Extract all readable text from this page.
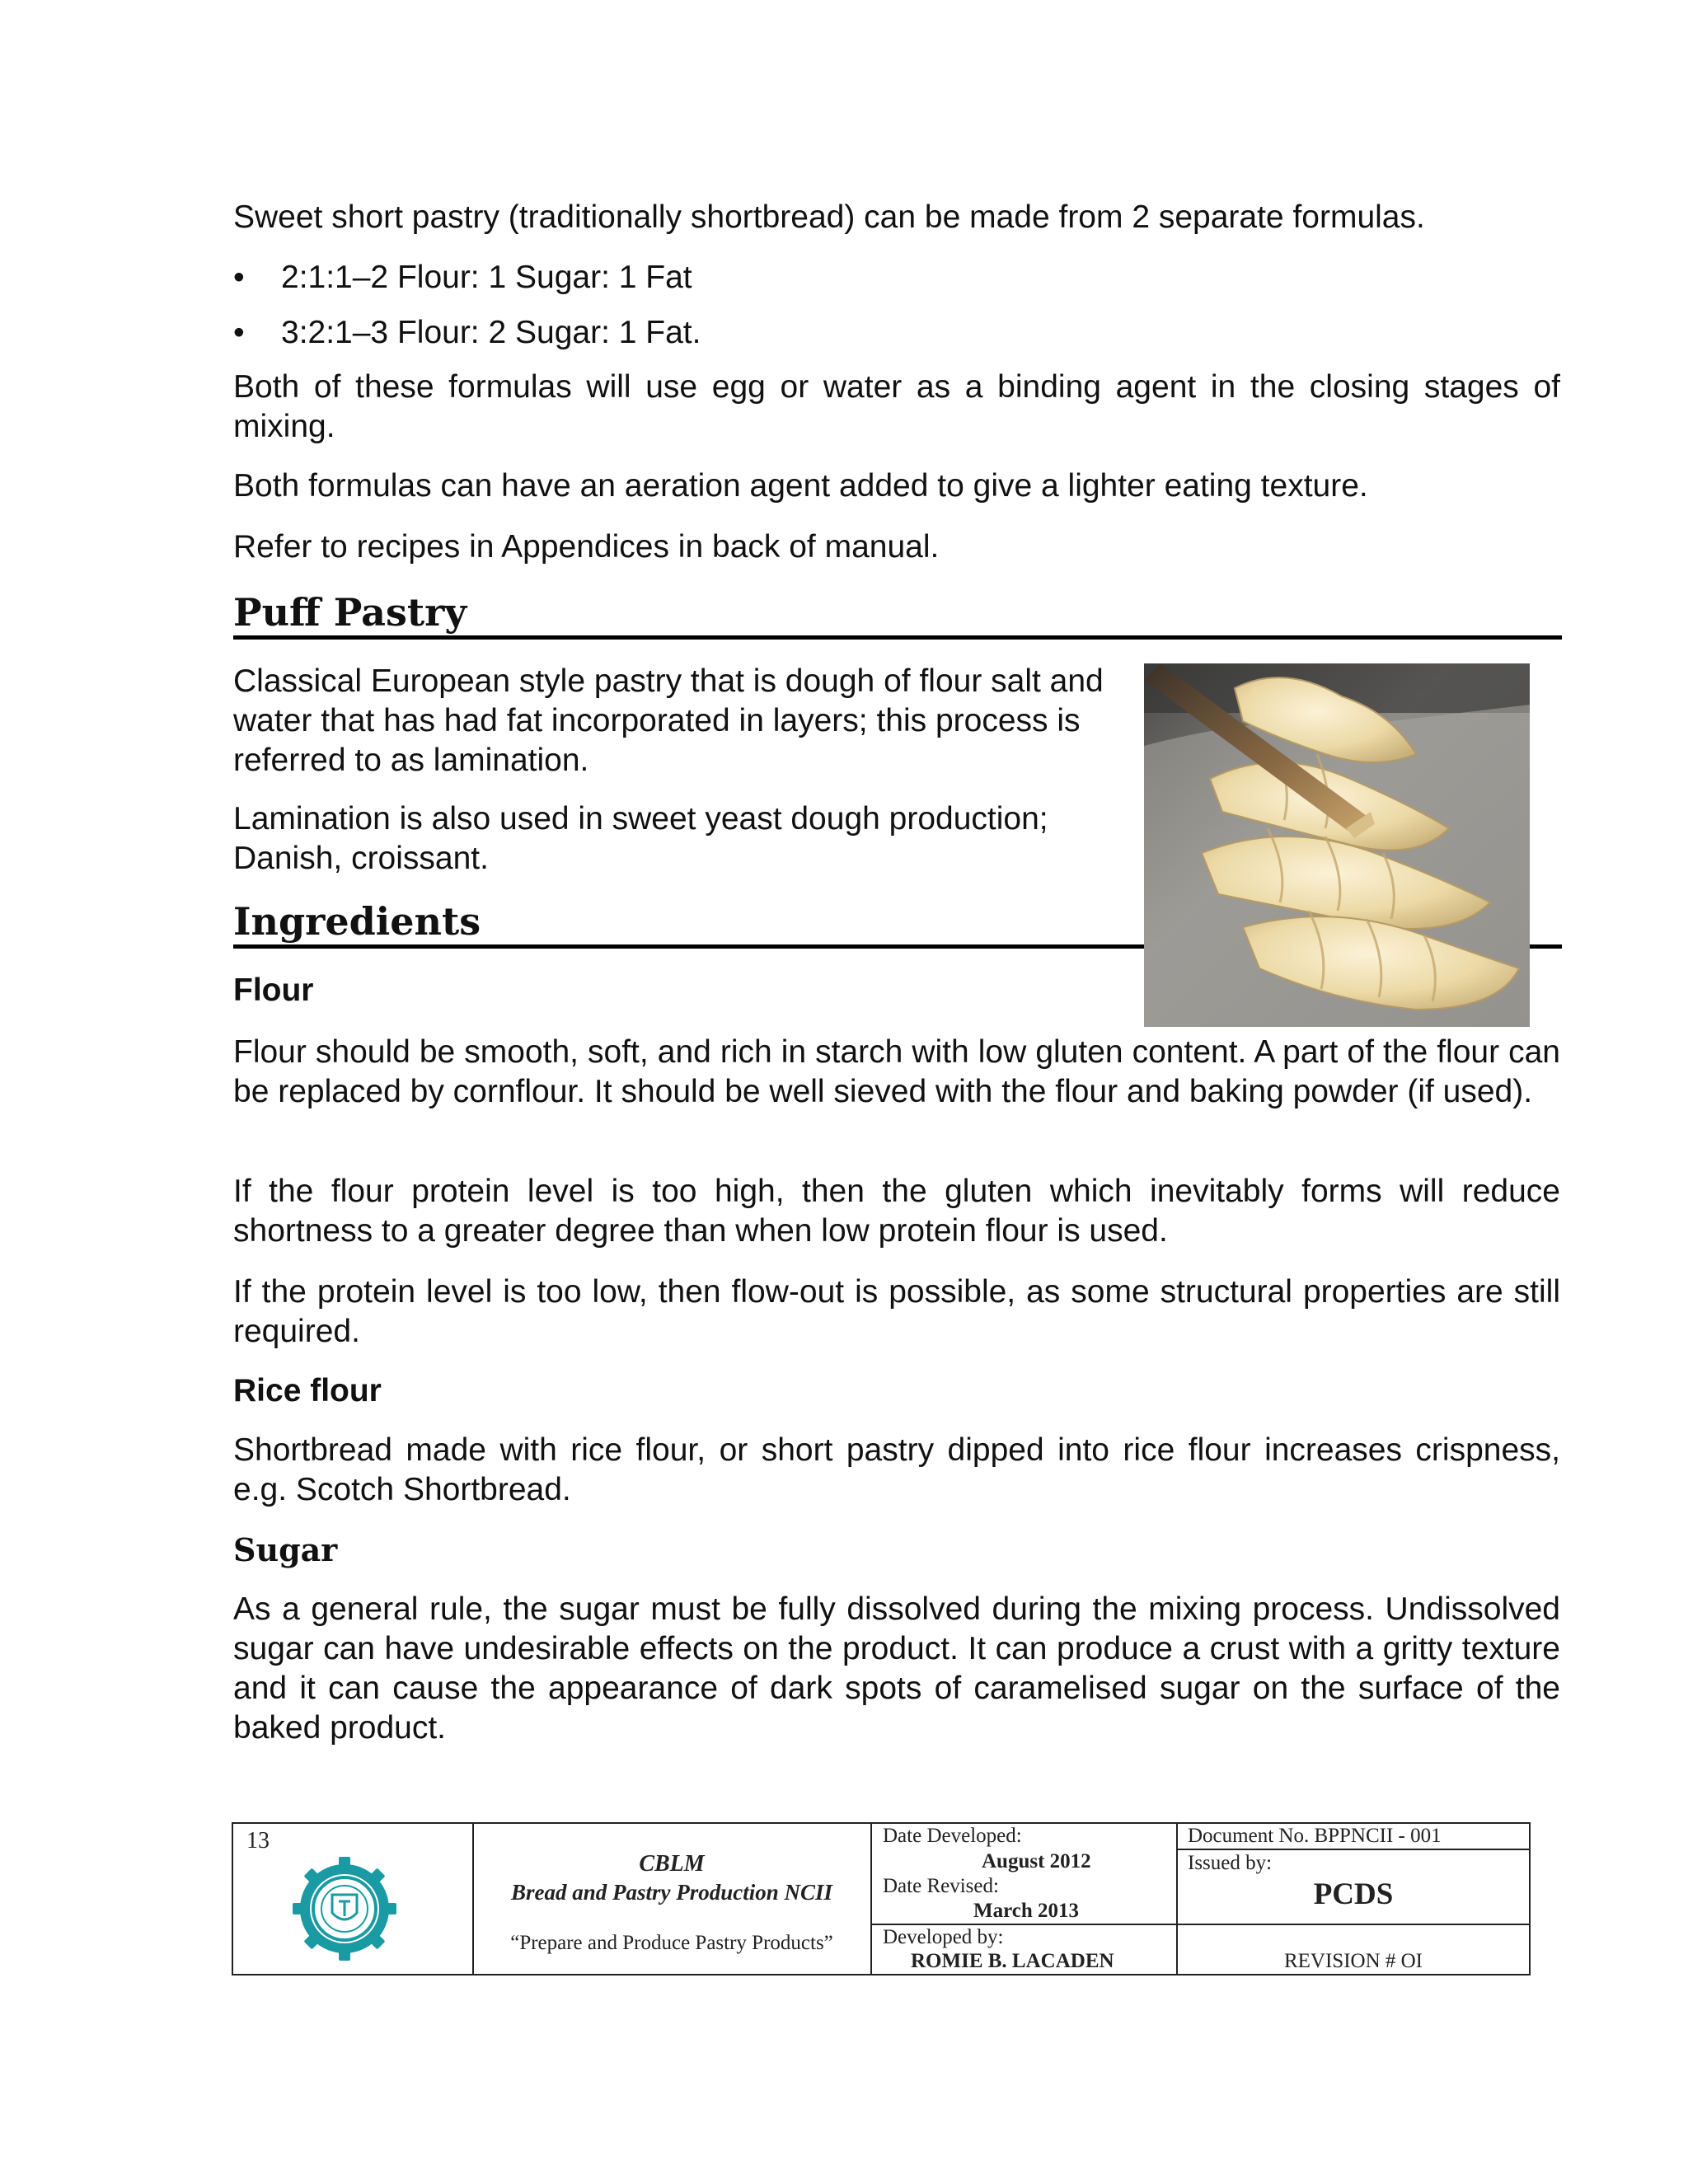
Sweet short pastry (traditionally shortbread) can be made from 2 separate formulas.

•	2:1:1–2 Flour: 1 Sugar: 1 Fat
•	3:2:1–3 Flour: 2 Sugar: 1 Fat.

Both of these formulas will use egg or water as a binding agent in the closing stages of mixing.

Both formulas can have an aeration agent added to give a lighter eating texture.

Refer to recipes in Appendices in back of manual.

Puff Pastry

Classical European style pastry that is dough of flour salt and water that has had fat incorporated in layers; this process is referred to as lamination.

Lamination is also used in sweet yeast dough production; Danish, croissant.

Ingredients
Flour

Flour should be smooth, soft, and rich in starch with low gluten content. A part of the flour can be replaced by cornflour. It should be well sieved with the flour and baking powder (if used).

If the flour protein level is too high, then the gluten which inevitably forms will reduce shortness to a greater degree than when low protein flour is used.

If the protein level is too low, then flow-out is possible, as some structural properties are still required.

Rice flour

Shortbread made with rice flour, or short pastry dipped into rice flour increases crispness, e.g. Scotch Shortbread.

Sugar

As a general rule, the sugar must be fully dissolved during the mixing process. Undissolved sugar can have undesirable effects on the product. It can produce a crust with a gritty texture and it can cause the appearance of dark spots of caramelised sugar on the surface of the baked product.

13
CBLM
Bread and Pastry Production NCII
“Prepare and Produce Pastry Products”
Date Developed:
August 2012
Date Revised:
March 2013
Developed by:
ROMIE B. LACADEN
Document No. BPPNCII - 001
Issued by:
PCDS
REVISION # OI
